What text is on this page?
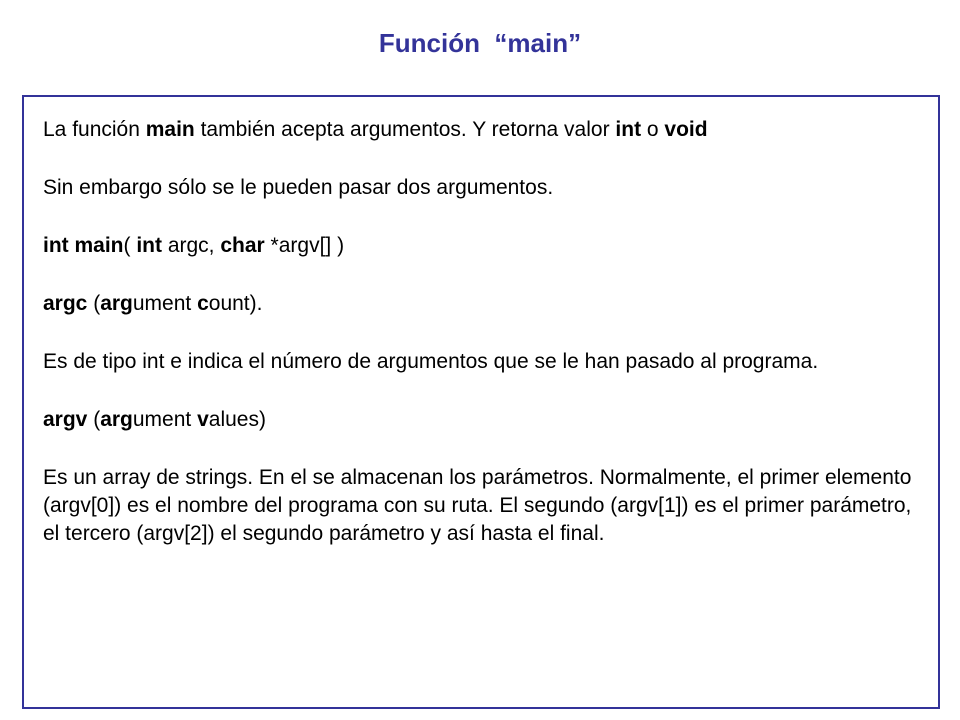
Función  “main”

La función main también acepta argumentos. Y retorna valor int o void

Sin embargo sólo se le pueden pasar dos argumentos.

int main( int argc, char *argv[] )

argc (argument count).

Es de tipo int e indica el número de argumentos que se le han pasado al programa.

argv (argument values)

Es un array de strings. En el se almacenan los parámetros. Normalmente, el primer elemento (argv[0]) es el nombre del programa con su ruta. El segundo (argv[1]) es el primer parámetro, el tercero (argv[2]) el segundo parámetro y así hasta el final.
